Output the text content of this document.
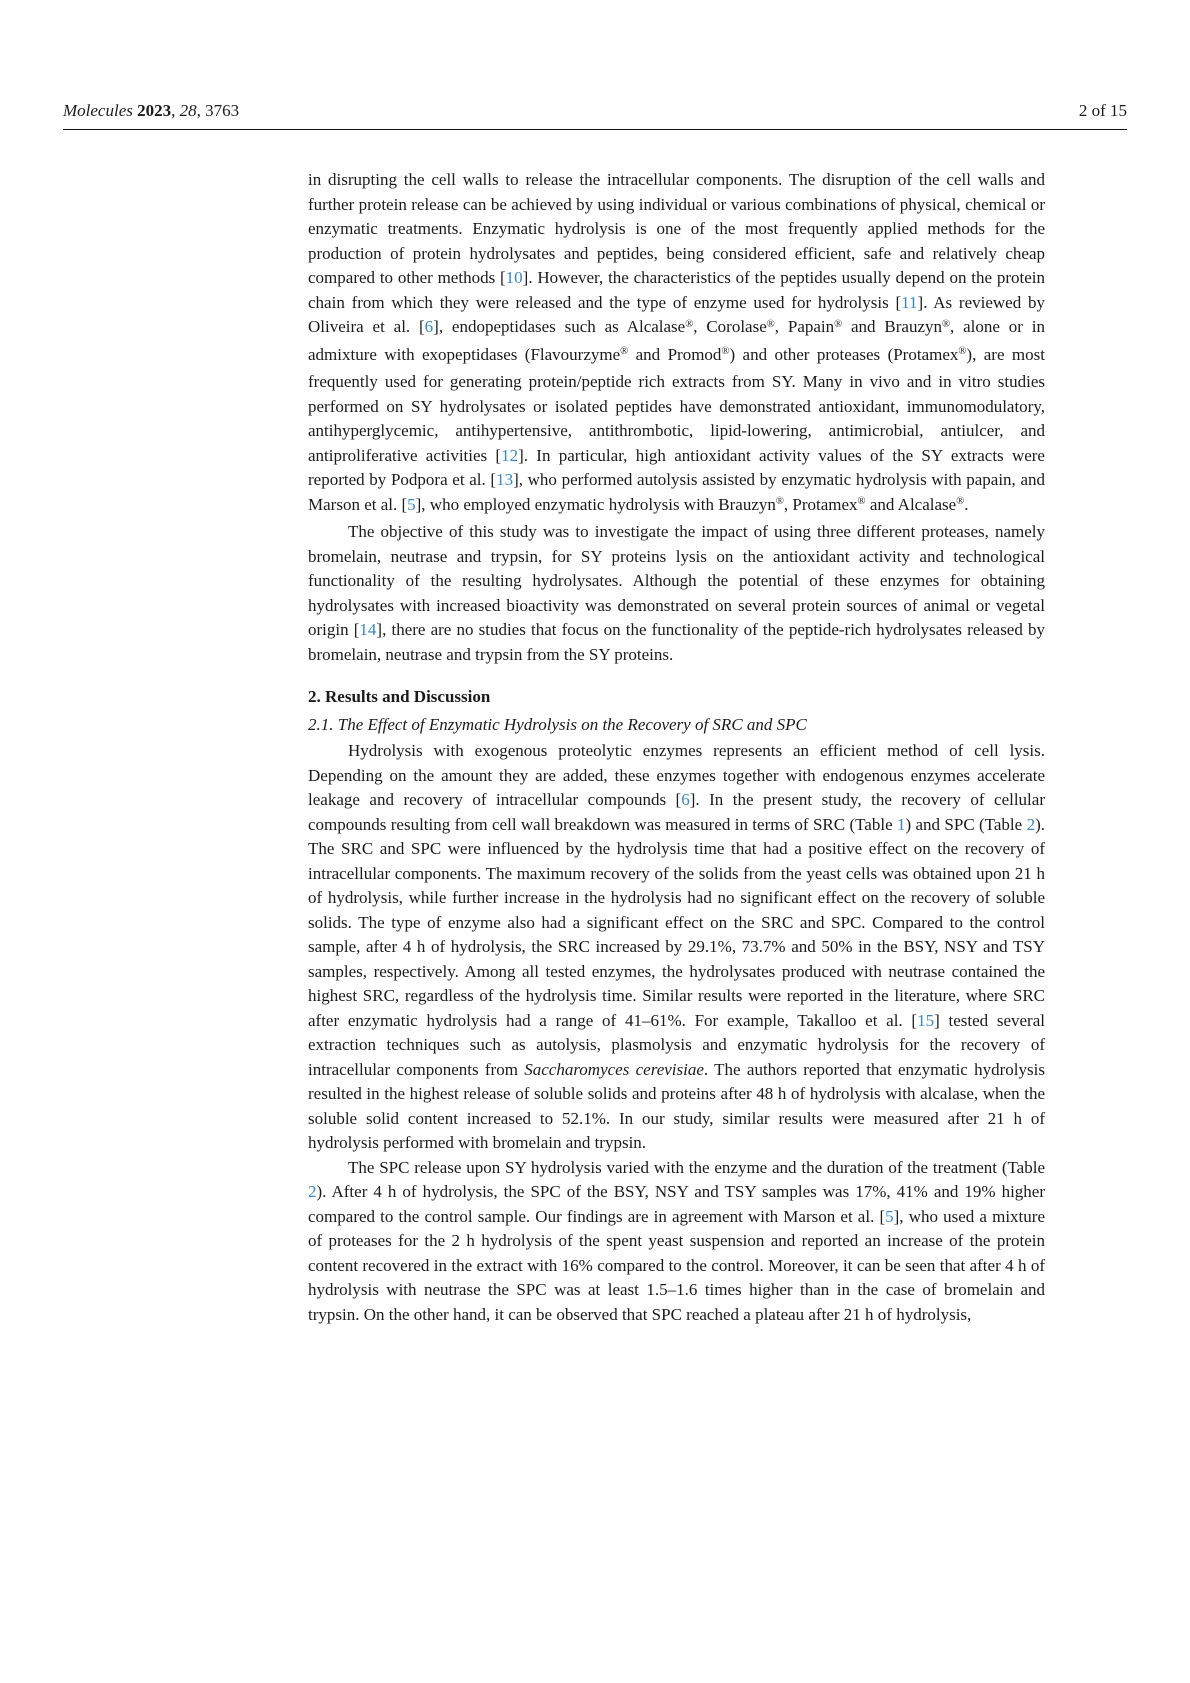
Molecules 2023, 28, 3763	2 of 15

in disrupting the cell walls to release the intracellular components. The disruption of the cell walls and further protein release can be achieved by using individual or various combinations of physical, chemical or enzymatic treatments. Enzymatic hydrolysis is one of the most frequently applied methods for the production of protein hydrolysates and peptides, being considered efficient, safe and relatively cheap compared to other methods [10]. However, the characteristics of the peptides usually depend on the protein chain from which they were released and the type of enzyme used for hydrolysis [11]. As reviewed by Oliveira et al. [6], endopeptidases such as Alcalase®, Corolase®, Papain® and Brauzyn®, alone or in admixture with exopeptidases (Flavourzyme® and Promod®) and other proteases (Protamex®), are most frequently used for generating protein/peptide rich extracts from SY. Many in vivo and in vitro studies performed on SY hydrolysates or isolated peptides have demonstrated antioxidant, immunomodulatory, antihyperglycemic, antihypertensive, antithrombotic, lipid-lowering, antimicrobial, antiulcer, and antiproliferative activities [12]. In particular, high antioxidant activity values of the SY extracts were reported by Podpora et al. [13], who performed autolysis assisted by enzymatic hydrolysis with papain, and Marson et al. [5], who employed enzymatic hydrolysis with Brauzyn®, Protamex® and Alcalase®.

The objective of this study was to investigate the impact of using three different proteases, namely bromelain, neutrase and trypsin, for SY proteins lysis on the antioxidant activity and technological functionality of the resulting hydrolysates. Although the potential of these enzymes for obtaining hydrolysates with increased bioactivity was demonstrated on several protein sources of animal or vegetal origin [14], there are no studies that focus on the functionality of the peptide-rich hydrolysates released by bromelain, neutrase and trypsin from the SY proteins.

2. Results and Discussion
2.1. The Effect of Enzymatic Hydrolysis on the Recovery of SRC and SPC

Hydrolysis with exogenous proteolytic enzymes represents an efficient method of cell lysis. Depending on the amount they are added, these enzymes together with endogenous enzymes accelerate leakage and recovery of intracellular compounds [6]. In the present study, the recovery of cellular compounds resulting from cell wall breakdown was measured in terms of SRC (Table 1) and SPC (Table 2). The SRC and SPC were influenced by the hydrolysis time that had a positive effect on the recovery of intracellular components. The maximum recovery of the solids from the yeast cells was obtained upon 21 h of hydrolysis, while further increase in the hydrolysis had no significant effect on the recovery of soluble solids. The type of enzyme also had a significant effect on the SRC and SPC. Compared to the control sample, after 4 h of hydrolysis, the SRC increased by 29.1%, 73.7% and 50% in the BSY, NSY and TSY samples, respectively. Among all tested enzymes, the hydrolysates produced with neutrase contained the highest SRC, regardless of the hydrolysis time. Similar results were reported in the literature, where SRC after enzymatic hydrolysis had a range of 41–61%. For example, Takalloo et al. [15] tested several extraction techniques such as autolysis, plasmolysis and enzymatic hydrolysis for the recovery of intracellular components from Saccharomyces cerevisiae. The authors reported that enzymatic hydrolysis resulted in the highest release of soluble solids and proteins after 48 h of hydrolysis with alcalase, when the soluble solid content increased to 52.1%. In our study, similar results were measured after 21 h of hydrolysis performed with bromelain and trypsin.

The SPC release upon SY hydrolysis varied with the enzyme and the duration of the treatment (Table 2). After 4 h of hydrolysis, the SPC of the BSY, NSY and TSY samples was 17%, 41% and 19% higher compared to the control sample. Our findings are in agreement with Marson et al. [5], who used a mixture of proteases for the 2 h hydrolysis of the spent yeast suspension and reported an increase of the protein content recovered in the extract with 16% compared to the control. Moreover, it can be seen that after 4 h of hydrolysis with neutrase the SPC was at least 1.5–1.6 times higher than in the case of bromelain and trypsin. On the other hand, it can be observed that SPC reached a plateau after 21 h of hydrolysis,
